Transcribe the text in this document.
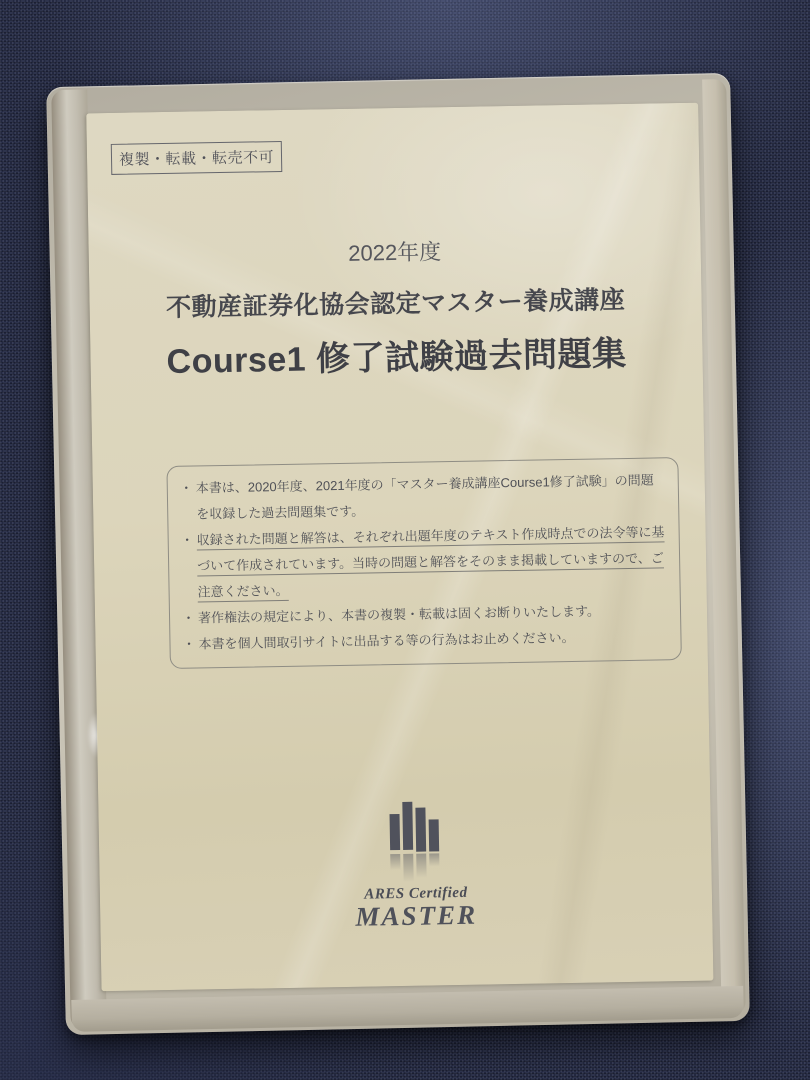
複製・転載・転売不可
2022年度
不動産証券化協会認定マスター養成講座
Course1 修了試験過去問題集
・ 本書は、2020年度、2021年度の「マスター養成講座Course1修了試験」の問題を収録した過去問題集です。
・ 収録された問題と解答は、それぞれ出題年度のテキスト作成時点での法令等に基づいて作成されています。当時の問題と解答をそのまま掲載していますので、ご注意ください。
・ 著作権法の規定により、本書の複製・転載は固くお断りいたします。
・ 本書を個人間取引サイトに出品する等の行為はお止めください。
ARES Certified
MASTER
